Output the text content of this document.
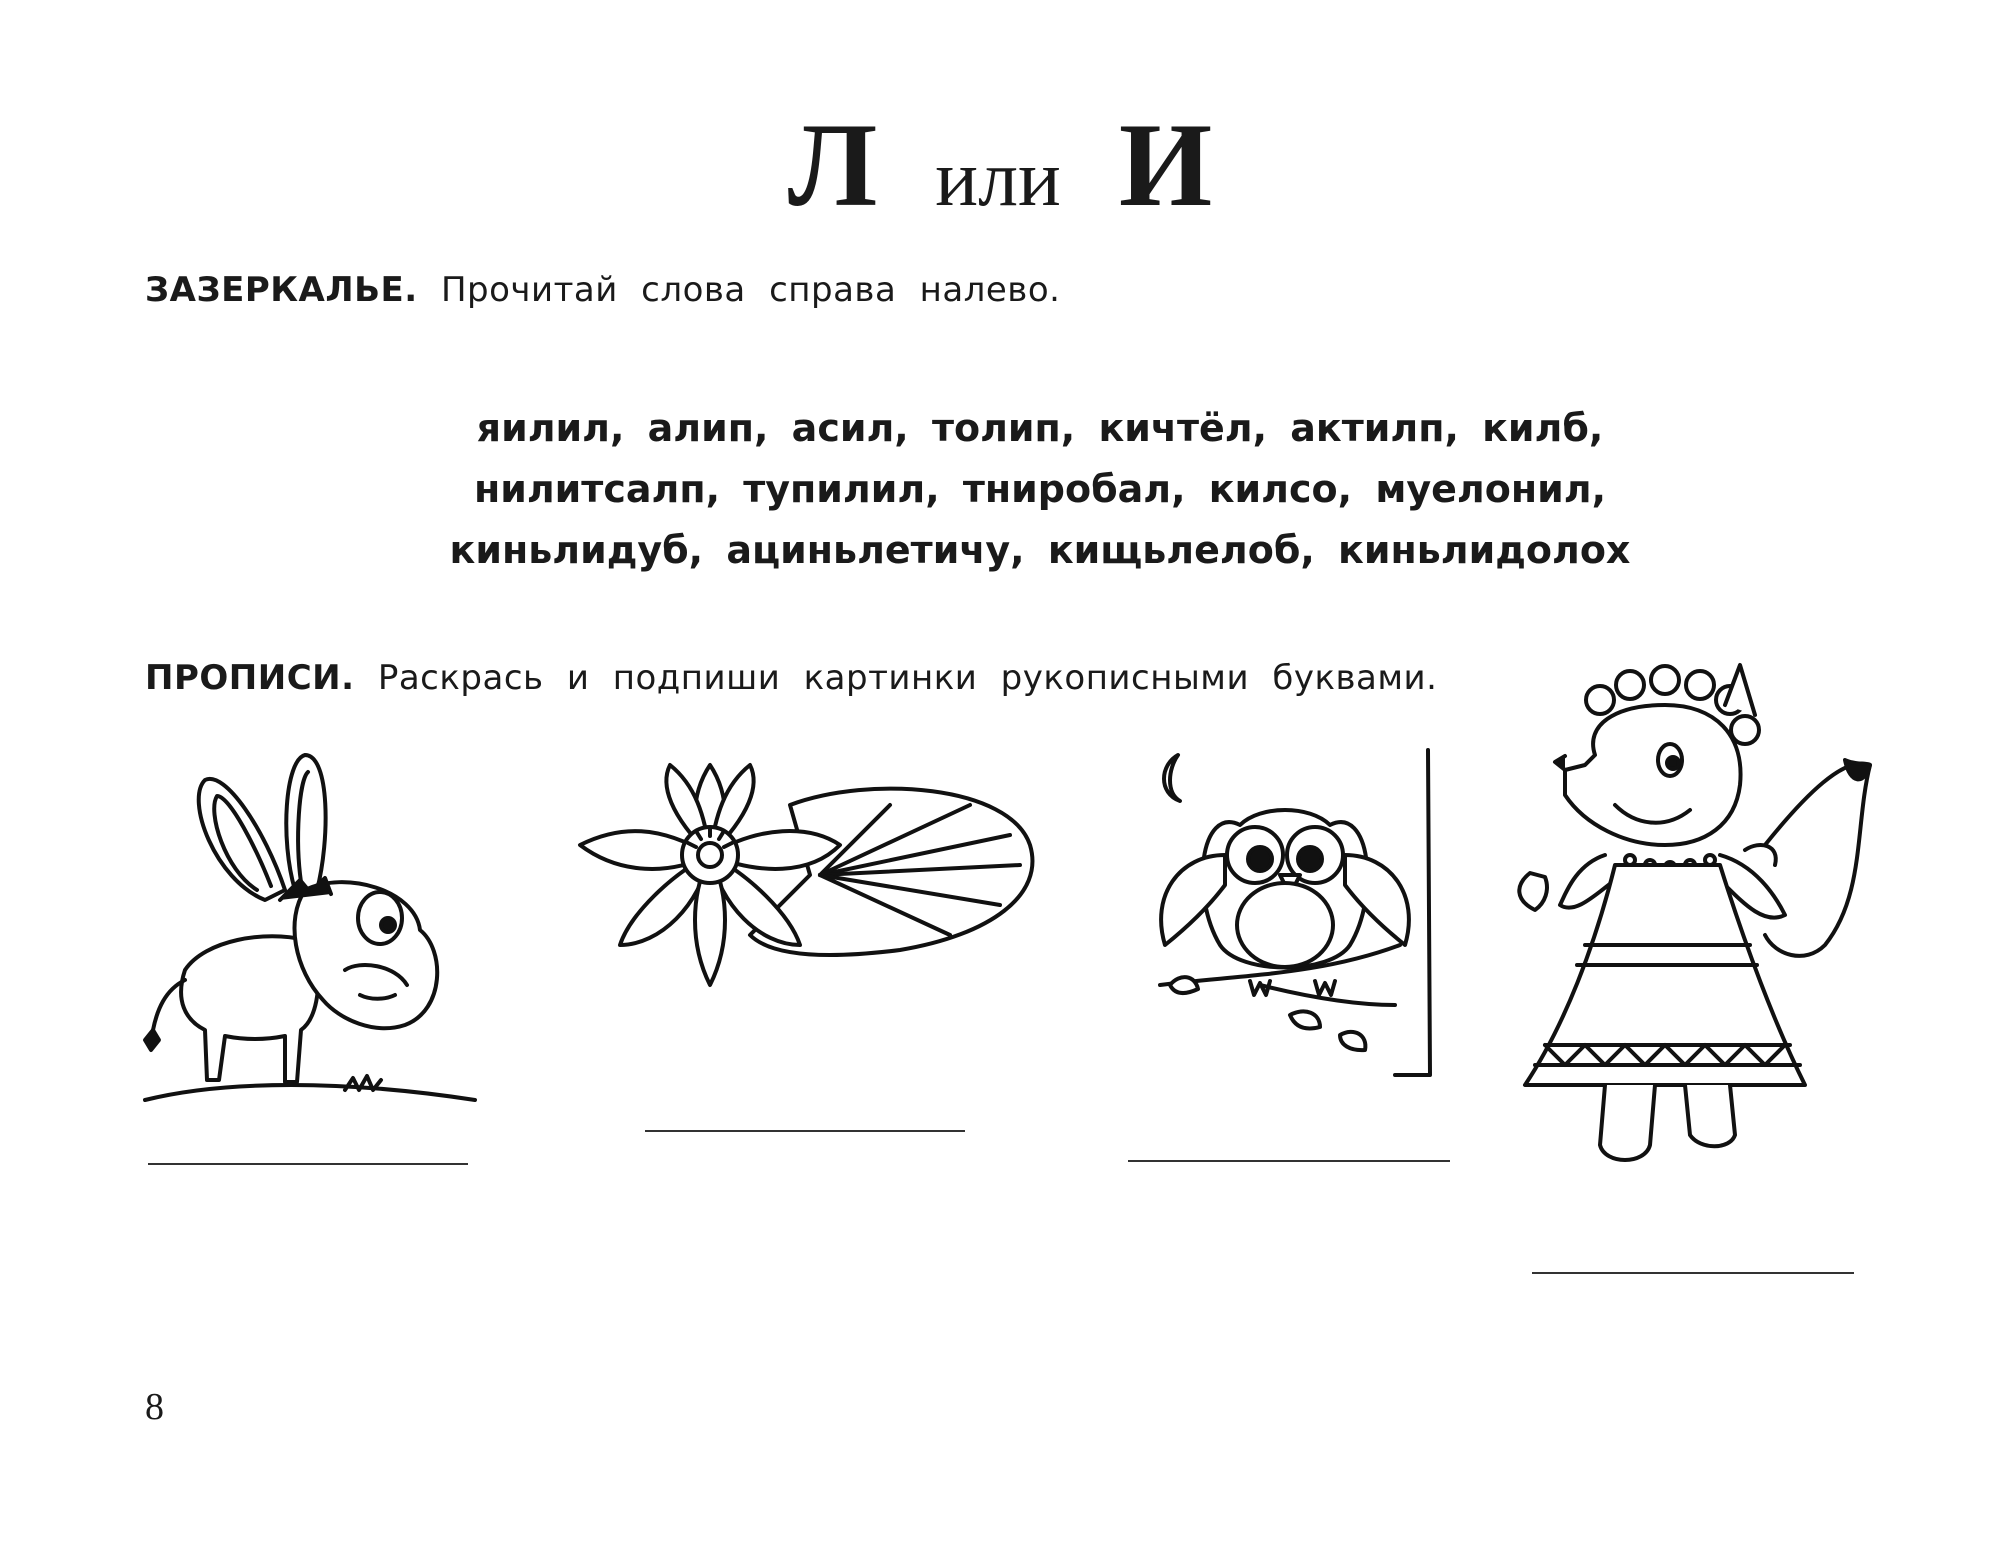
Лили И
ЗАЗЕРКАЛЬЕ. Прочитай слова справа налево.
яилил, алип, асил, толип, кичтёл, актилп, килб,
нилитсалп, тупилил, тниробал, килсо, муелонил,
киньлидуб, ациньлетичу, кищьлелоб, киньлидолох
ПРОПИСИ. Раскрась и подпиши картинки рукописными буквами.
8
